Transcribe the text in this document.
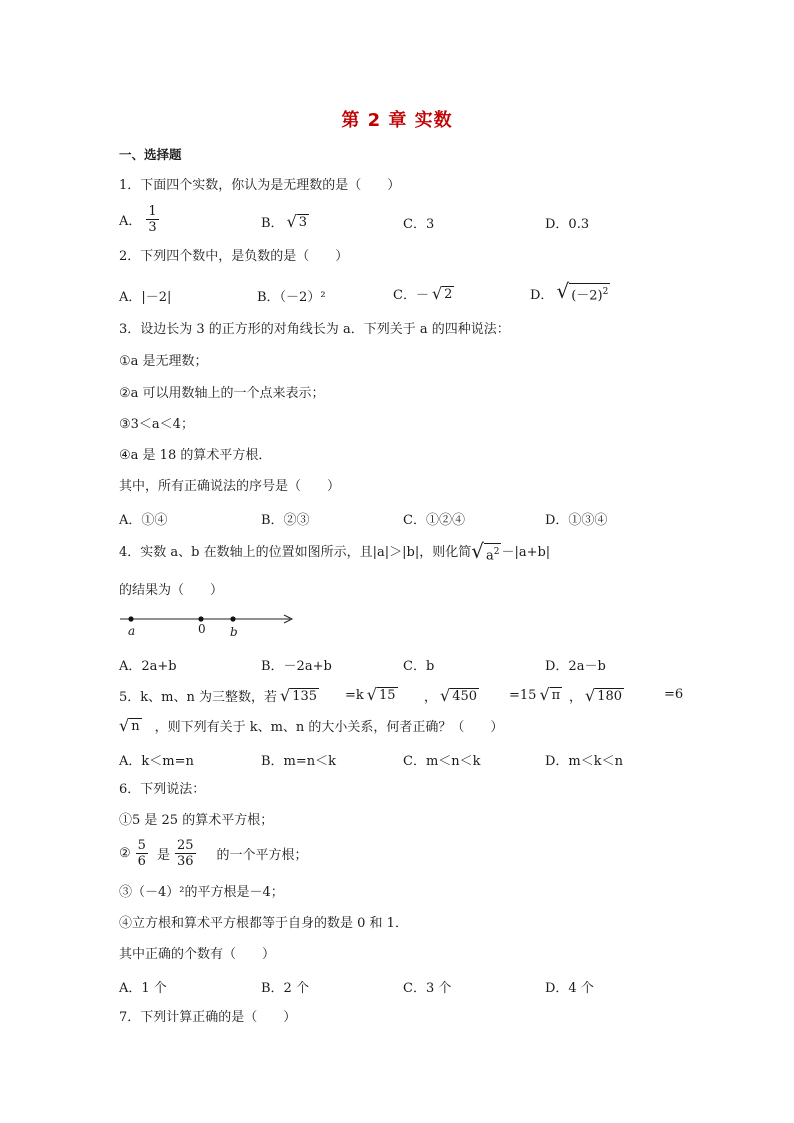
第 2 章 实数
一、选择题
1．下面四个实数，你认为是无理数的是（　　）
A． $\frac{1}{3}$	B． √ 3	C．3	D．0.3
2．下列四个数中，是负数的是（　　）
A．|－2|	B．（－2）²	C．－ √ 2	D． √ $(-2)^2$
3．设边长为 3 的正方形的对角线长为 a．下列关于 a 的四种说法：
①a 是无理数；
②a 可以用数轴上的一个点来表示；
③3＜a＜4；
④a 是 18 的算术平方根．
其中，所有正确说法的序号是（　　）
A．①④	B．②③	C．①②④	D．①③④
4．实数 a、b 在数轴上的位置如图所示，且|a|＞|b|，则化简 √ $a^2 -|a+b|$
的结果为（　　）
a	0 b
A．2a+b	B．－2a+b	C．b	D．2a－b
5．k、m、n 为三整数，若 √ 135 =k √ 15 ， √ 450 =15 √ π ， √ 180	=6
√ n ，则下列有关于 k、m、n 的大小关系，何者正确？（　　）
A．k＜m=n	B．m=n＜k	C．m＜n＜k	D．m＜k＜n
6．下列说法：
①5 是 25 的算术平方根；
② $\frac{5}{6}$ 是 $\frac{25}{36}$ 的一个平方根；
③（－4）²的平方根是－4；
④立方根和算术平方根都等于自身的数是 0 和 1．
其中正确的个数有（　　）
A．1 个	B．2 个	C．3 个	D．4 个
7．下列计算正确的是（　　）
